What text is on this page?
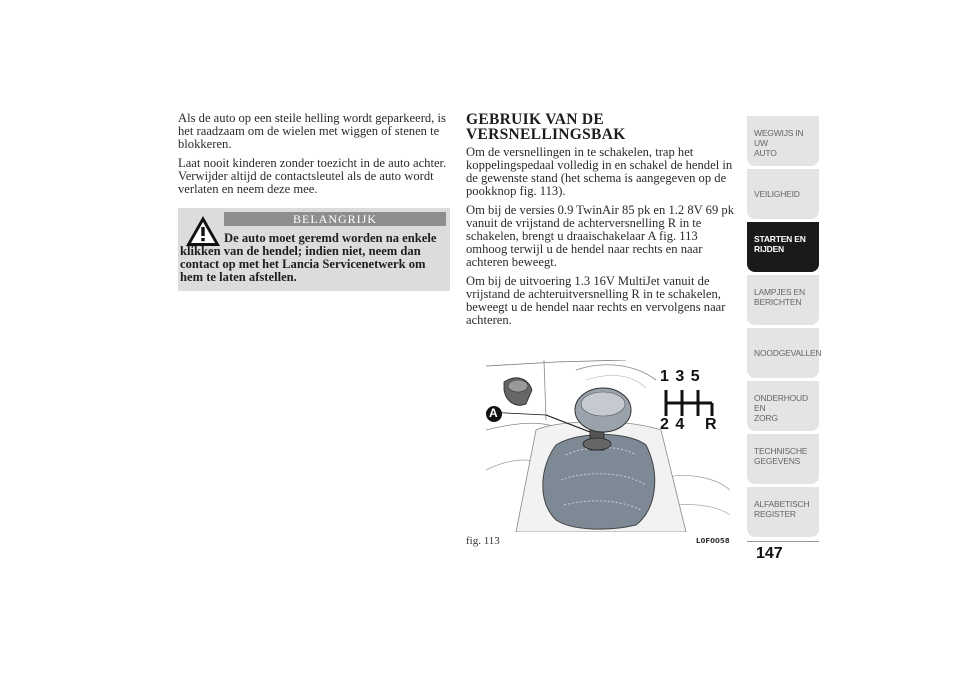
Als de auto op een steile helling wordt geparkeerd, is het raadzaam om de wielen met wiggen of stenen te blokkeren.

Laat nooit kinderen zonder toezicht in de auto achter. Verwijder altijd de contactsleutel als de auto wordt verlaten en neem deze mee.

BELANGRIJK
De auto moet geremd worden na enkele klikken van de hendel; indien niet, neem dan contact op met het Lancia Servicenetwerk om hem te laten afstellen.
GEBRUIK VAN DE
VERSNELLINGSBAK

Om de versnellingen in te schakelen, trap het koppelingspedaal volledig in en schakel de hendel in de gewenste stand (het schema is aangegeven op de pookknop fig. 113).

Om bij de versies 0.9 TwinAir 85 pk en 1.2 8V 69 pk vanuit de vrijstand de achterversnelling R in te schakelen, brengt u draaischakelaar A fig. 113 omhoog terwijl u de hendel naar rechts en naar achteren beweegt.

Om bij de uitvoering 1.3 16V MultiJet vanuit de vrijstand de achteruitversnelling R in te schakelen, beweegt u de hendel naar rechts en vervolgens naar achteren.

A
1 3 5
2 4 R
fig. 113	L0F0058
WEGWIJS IN UW
AUTO
VEILIGHEID
STARTEN EN
RIJDEN
LAMPJES EN
BERICHTEN
NOODGEVALLEN
ONDERHOUD EN
ZORG
TECHNISCHE
GEGEVENS
ALFABETISCH
REGISTER
147
